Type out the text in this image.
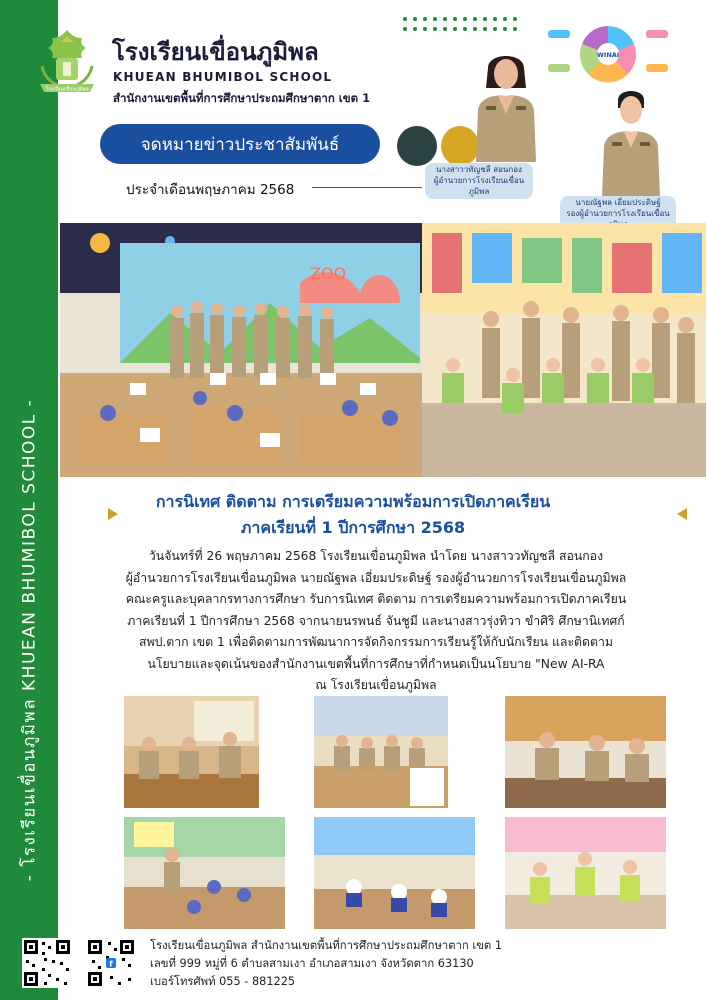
- โรงเรียนเขื่อนภูมิพล KHUEAN BHUMIBOL SCHOOL -
โรงเรียนเขื่อนภูมิพล
โรงเรียนเขื่อนภูมิพล
KHUEAN BHUMIBOL SCHOOL
สำนักงานเขตพื้นที่การศึกษาประถมศึกษาตาก เขต 1
WINAI
จดหมายข่าวประชาสัมพันธ์
ประจำเดือนพฤษภาคม 2568
นางสาววทัญชลี สอนกอง
ผู้อำนวยการโรงเรียนเขื่อนภูมิพล
นายณัฐพล เอี่ยมประดิษฐ์
รองผู้อำนวยการโรงเรียนเขื่อน
ZOO
การนิเทศ ติดตาม การเตรียมความพร้อมการเปิดภาคเรียน
ภาคเรียนที่ 1 ปีการศึกษา 2568
วันจันทร์ที่ 26 พฤษภาคม 2568 โรงเรียนเขื่อนภูมิพล นำโดย นางสาววทัญชลี สอนกอง
ผู้อำนวยการโรงเรียนเขื่อนภูมิพล นายณัฐพล เอี่ยมประดิษฐ์ รองผู้อำนวยการโรงเรียนเขื่อนภูมิพล
คณะครูและบุคลากรทางการศึกษา รับการนิเทศ ติดตาม การเตรียมความพร้อมการเปิดภาคเรียน
ภาคเรียนที่ 1 ปีการศึกษา 2568 จากนายนรพนธ์ จันชูมี และนางสาวรุ่งทิวา ขำศิริ ศึกษานิเทศก์
สพป.ตาก เขต 1 เพื่อติดตามการพัฒนาการจัดกิจกรรมการเรียนรู้ให้กับนักเรียน และติดตาม
นโยบายและจุดเน้นของสำนักงานเขตพื้นที่การศึกษาที่กำหนดเป็นนโยบาย "New AI-RA
ณ โรงเรียนเขื่อนภูมิพล
f
โรงเรียนเขื่อนภูมิพล สำนักงานเขตพื้นที่การศึกษาประถมศึกษาตาก เขต 1
เลขที่ 999 หมู่ที่ 6 ตำบลสามเงา อำเภอสามเงา จังหวัดตาก 63130
เบอร์โทรศัพท์ 055 - 881225
